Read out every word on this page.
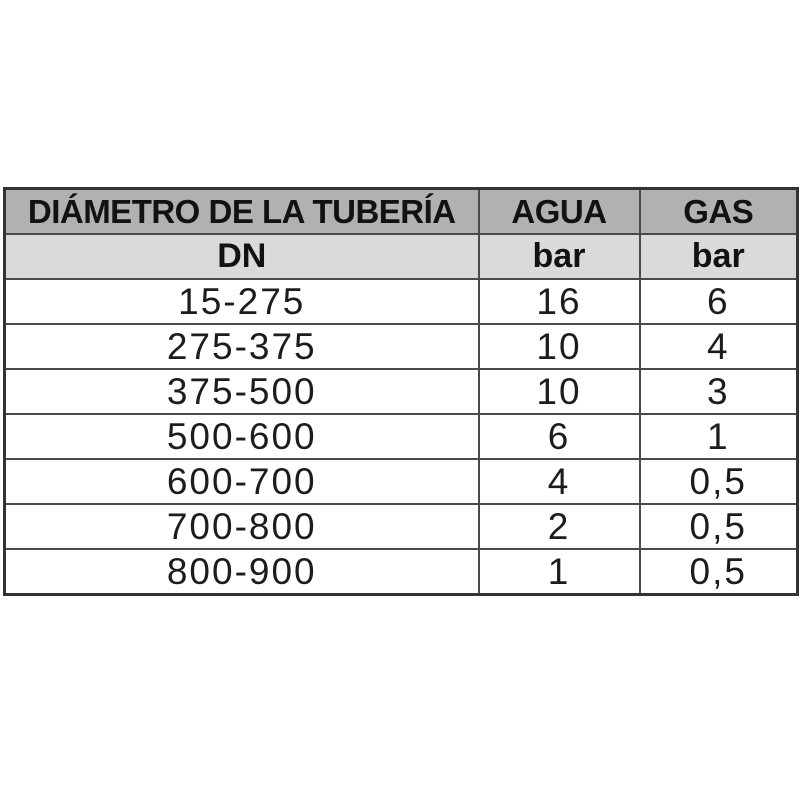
DIÁMETRO DE LA TUBERÍA	AGUA	GAS
DN	bar	bar
15-275	16	6
275-375	10	4
375-500	10	3
500-600	6	1
600-700	4	0,5
700-800	2	0,5
800-900	1	0,5
